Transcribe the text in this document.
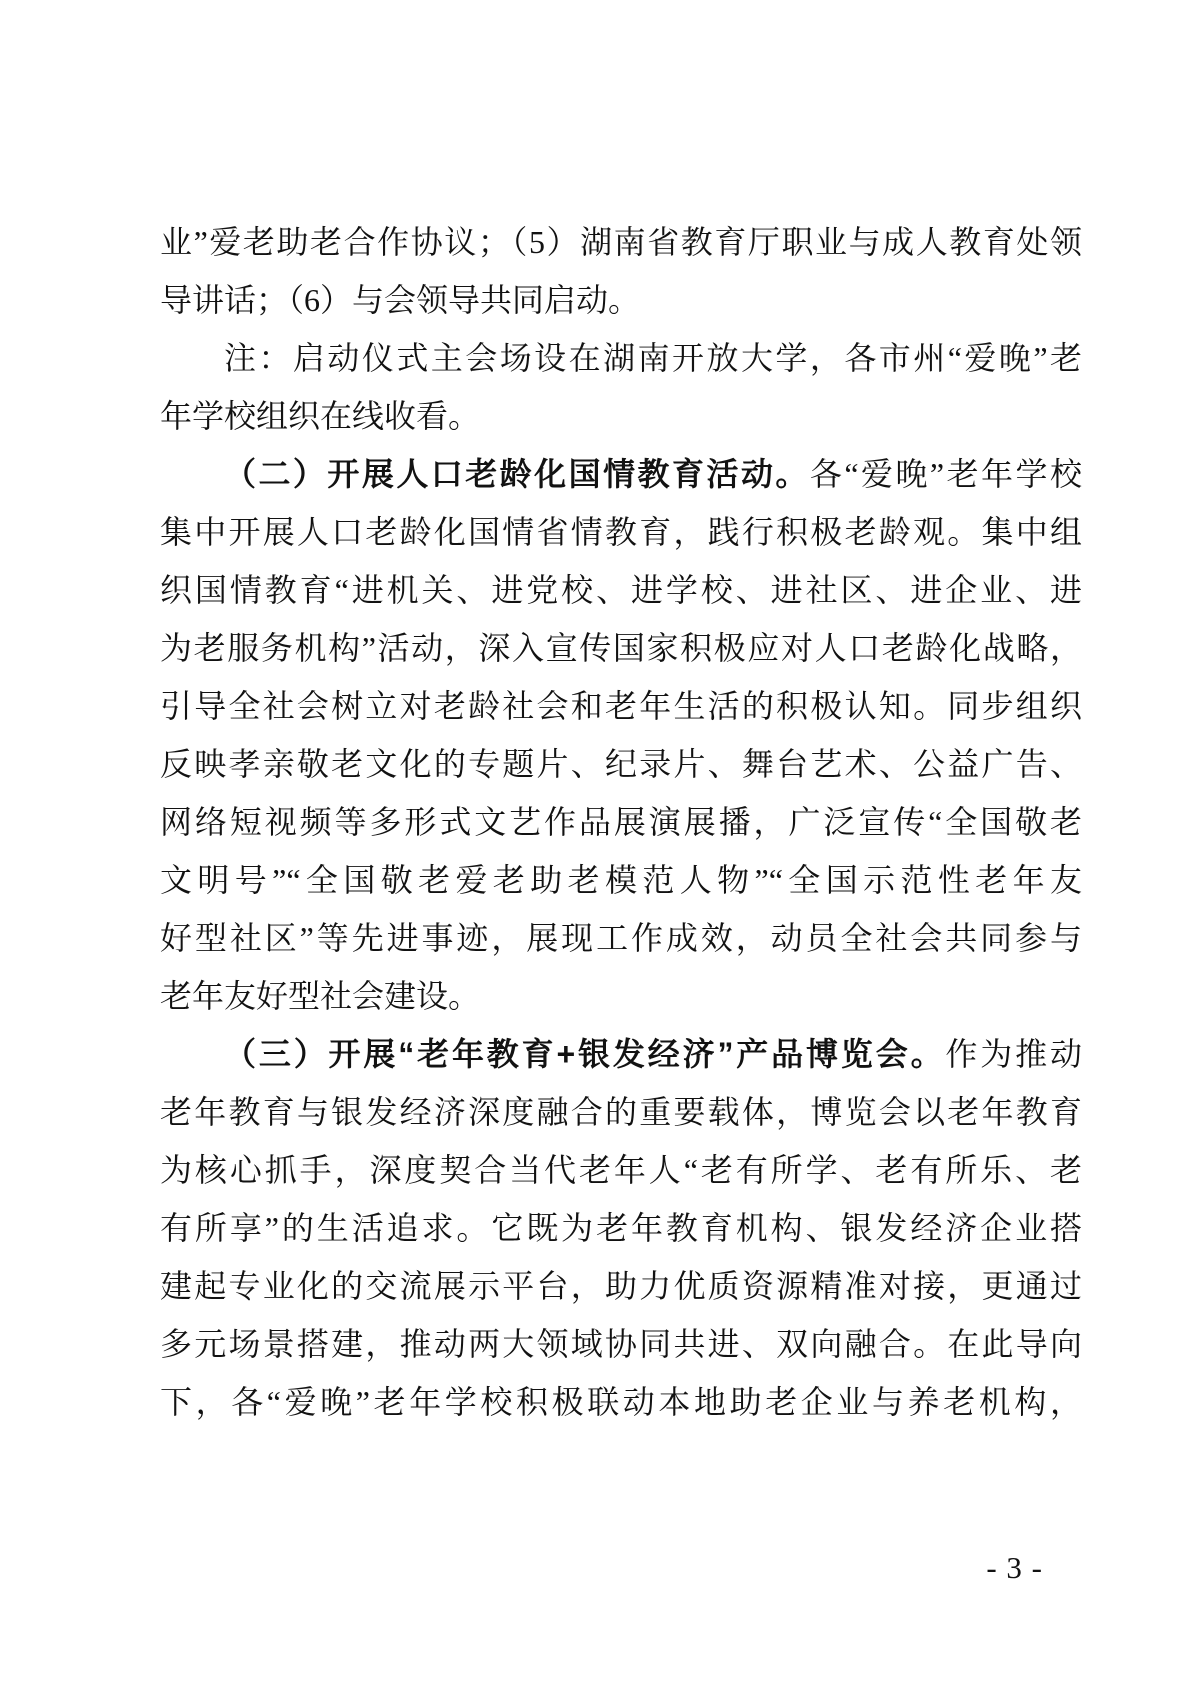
业”爱老助老合作协议；（5）湖南省教育厅职业与成人教育处领
导讲话；（6）与会领导共同启动。
注：启动仪式主会场设在湖南开放大学，各市州“爱晚”老
年学校组织在线收看。
（二）开展人口老龄化国情教育活动。各“爱晚”老年学校
集中开展人口老龄化国情省情教育，践行积极老龄观。集中组
织国情教育“进机关、进党校、进学校、进社区、进企业、进
为老服务机构”活动，深入宣传国家积极应对人口老龄化战略，
引导全社会树立对老龄社会和老年生活的积极认知。同步组织
反映孝亲敬老文化的专题片、纪录片、舞台艺术、公益广告、
网络短视频等多形式文艺作品展演展播，广泛宣传“全国敬老
文明号”“全国敬老爱老助老模范人物”“全国示范性老年友
好型社区”等先进事迹，展现工作成效，动员全社会共同参与
老年友好型社会建设。
（三）开展“老年教育+银发经济”产品博览会。作为推动
老年教育与银发经济深度融合的重要载体，博览会以老年教育
为核心抓手，深度契合当代老年人“老有所学、老有所乐、老
有所享”的生活追求。它既为老年教育机构、银发经济企业搭
建起专业化的交流展示平台，助力优质资源精准对接，更通过
多元场景搭建，推动两大领域协同共进、双向融合。在此导向
下，各“爱晚”老年学校积极联动本地助老企业与养老机构，
- 3 -
